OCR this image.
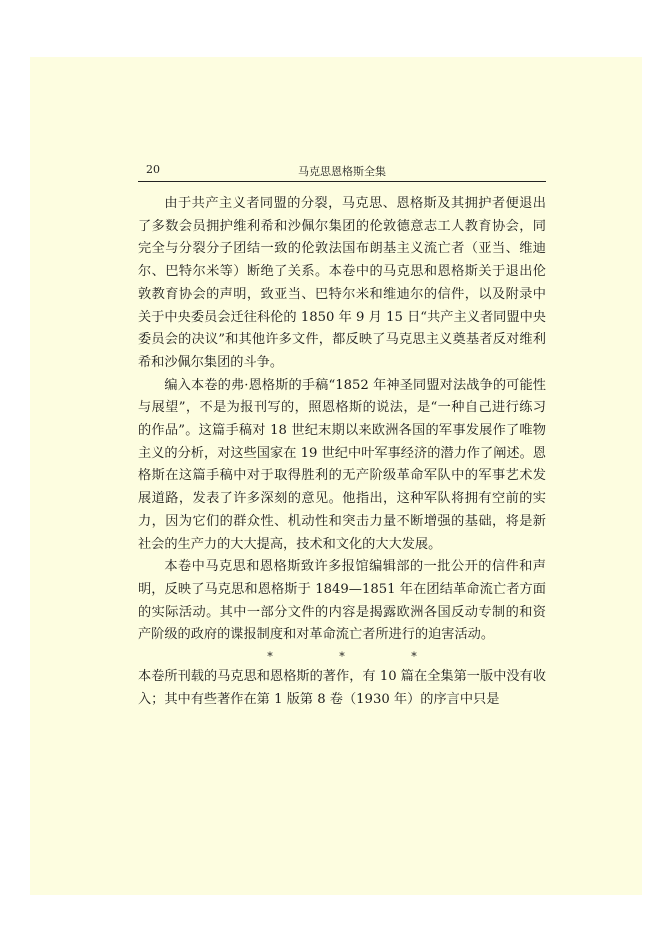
20	马克思恩格斯全集

由于共产主义者同盟的分裂，马克思、恩格斯及其拥护者便退出了多数会员拥护维利希和沙佩尔集团的伦敦德意志工人教育协会，同完全与分裂分子团结一致的伦敦法国布朗基主义流亡者（亚当、维迪尔、巴特尔米等）断绝了关系。本卷中的马克思和恩格斯关于退出伦敦教育协会的声明，致亚当、巴特尔米和维迪尔的信件，以及附录中关于中央委员会迁往科伦的 1850 年 9 月 15 日“共产主义者同盟中央委员会的决议”和其他许多文件，都反映了马克思主义奠基者反对维利希和沙佩尔集团的斗争。

编入本卷的弗·恩格斯的手稿“1852 年神圣同盟对法战争的可能性与展望”，不是为报刊写的，照恩格斯的说法，是“一种自己进行练习的作品”。这篇手稿对 18 世纪末期以来欧洲各国的军事发展作了唯物主义的分析，对这些国家在 19 世纪中叶军事经济的潜力作了阐述。恩格斯在这篇手稿中对于取得胜利的无产阶级革命军队中的军事艺术发展道路，发表了许多深刻的意见。他指出，这种军队将拥有空前的实力，因为它们的群众性、机动性和突击力量不断增强的基础，将是新社会的生产力的大大提高，技术和文化的大大发展。

本卷中马克思和恩格斯致许多报馆编辑部的一批公开的信件和声明，反映了马克思和恩格斯于 1849—1851 年在团结革命流亡者方面的实际活动。其中一部分文件的内容是揭露欧洲各国反动专制的和资产阶级的政府的谍报制度和对革命流亡者所进行的迫害活动。

*	*	*

本卷所刊载的马克思和恩格斯的著作，有 10 篇在全集第一版中没有收入；其中有些著作在第 1 版第 8 卷（1930 年）的序言中只是
